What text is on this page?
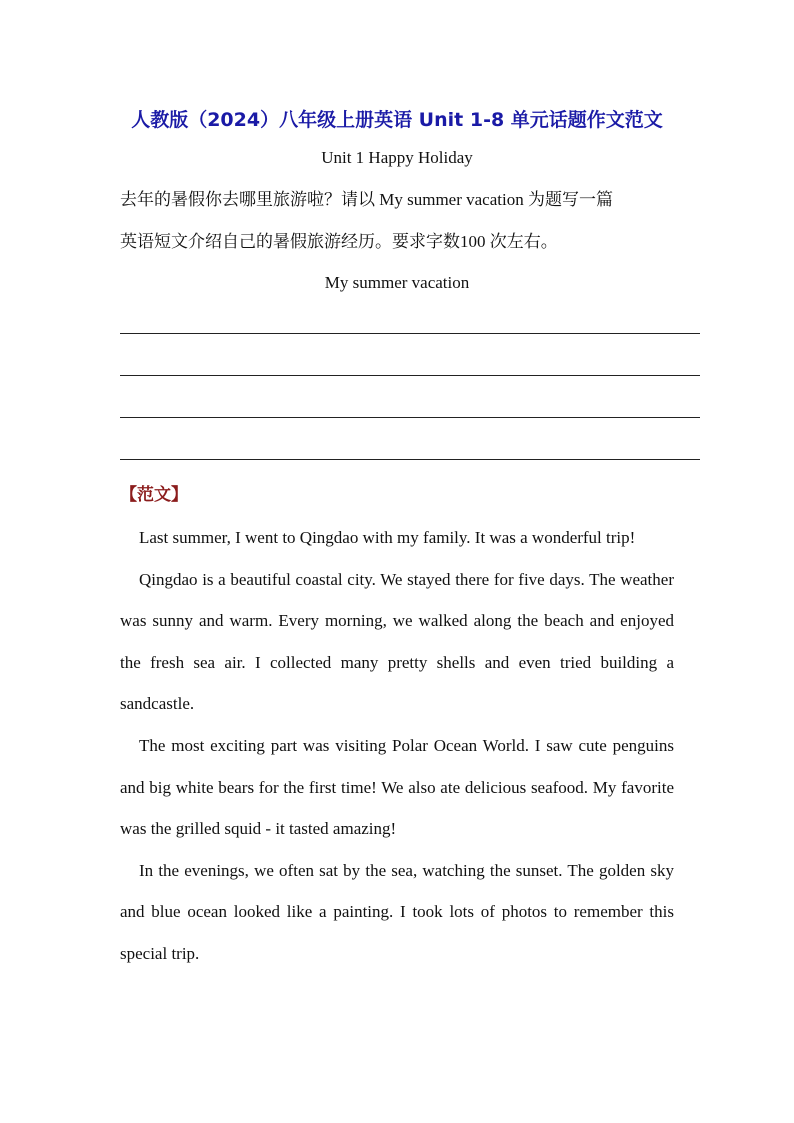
人教版（2024）八年级上册英语 Unit 1-8 单元话题作文范文
Unit 1 Happy Holiday
去年的暑假你去哪里旅游啦？请以 My summer vacation 为题写一篇
英语短文介绍自己的暑假旅游经历。要求字数100 次左右。
My summer vacation
【范文】

Last summer, I went to Qingdao with my family. It was a wonderful trip!

Qingdao is a beautiful coastal city. We stayed there for five days. The weather was sunny and warm. Every morning, we walked along the beach and enjoyed the fresh sea air. I collected many pretty shells and even tried building a sandcastle.

The most exciting part was visiting Polar Ocean World. I saw cute penguins and big white bears for the first time! We also ate delicious seafood. My favorite was the grilled squid - it tasted amazing!

In the evenings, we often sat by the sea, watching the sunset. The golden sky and blue ocean looked like a painting. I took lots of photos to remember this special trip.
